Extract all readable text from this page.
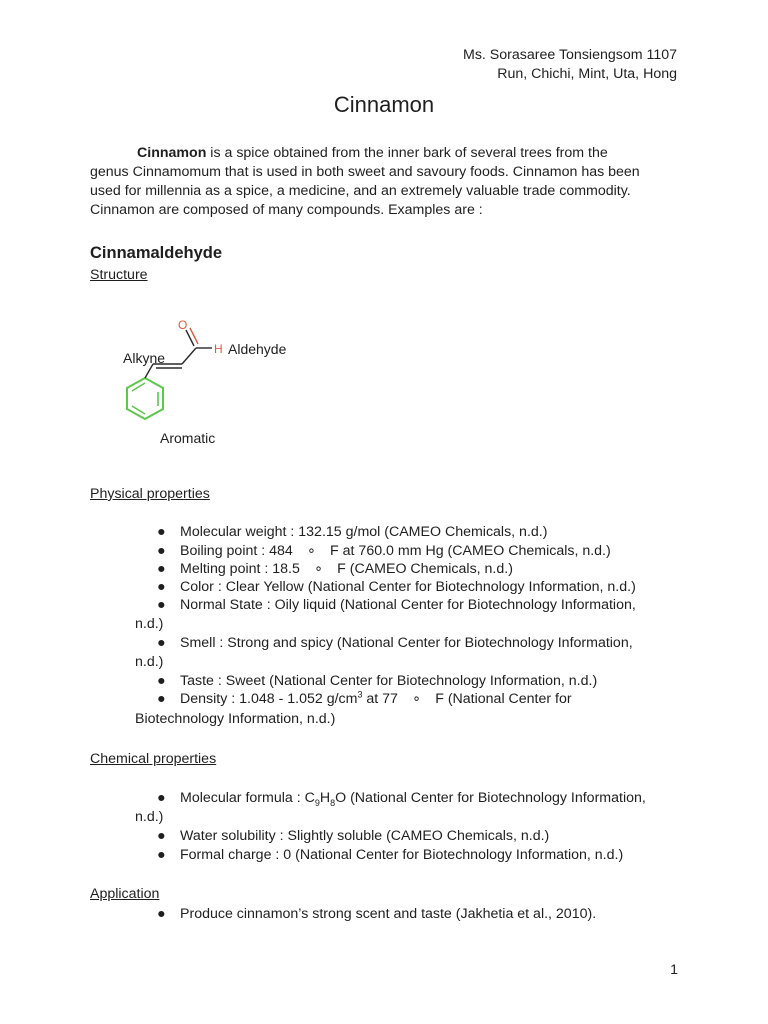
Ms. Sorasaree Tonsiengsom 1107
Run, Chichi, Mint, Uta, Hong
Cinnamon
Cinnamon is a spice obtained from the inner bark of several trees from the
genus Cinnamomum that is used in both sweet and savoury foods. Cinnamon has been
used for millennia as a spice, a medicine, and an extremely valuable trade commodity.
Cinnamon are composed of many compounds. Examples are :
Cinnamaldehyde
Structure
O
H Aldehyde
Alkyne
Aromatic
Physical properties
● Molecular weight : 132.15 g/mol (CAMEO Chemicals, n.d.)
● Boiling point : 484　∘　F at 760.0 mm Hg (CAMEO Chemicals, n.d.)
● Melting point : 18.5　∘　F (CAMEO Chemicals, n.d.)
● Color : Clear Yellow (National Center for Biotechnology Information, n.d.)
● Normal State : Oily liquid (National Center for Biotechnology Information,
n.d.)
● Smell : Strong and spicy (National Center for Biotechnology Information,
n.d.)
● Taste : Sweet (National Center for Biotechnology Information, n.d.)
● Density : 1.048 - 1.052 $g/cm^3$ at 77　∘　F (National Center for
Biotechnology Information, n.d.)
Chemical properties
● Molecular formula : $C_9H_8O$ (National Center for Biotechnology Information,
n.d.)
● Water solubility : Slightly soluble (CAMEO Chemicals, n.d.)
● Formal charge : 0 (National Center for Biotechnology Information, n.d.)
Application
● Produce cinnamon’s strong scent and taste (Jakhetia et al., 2010).
1
